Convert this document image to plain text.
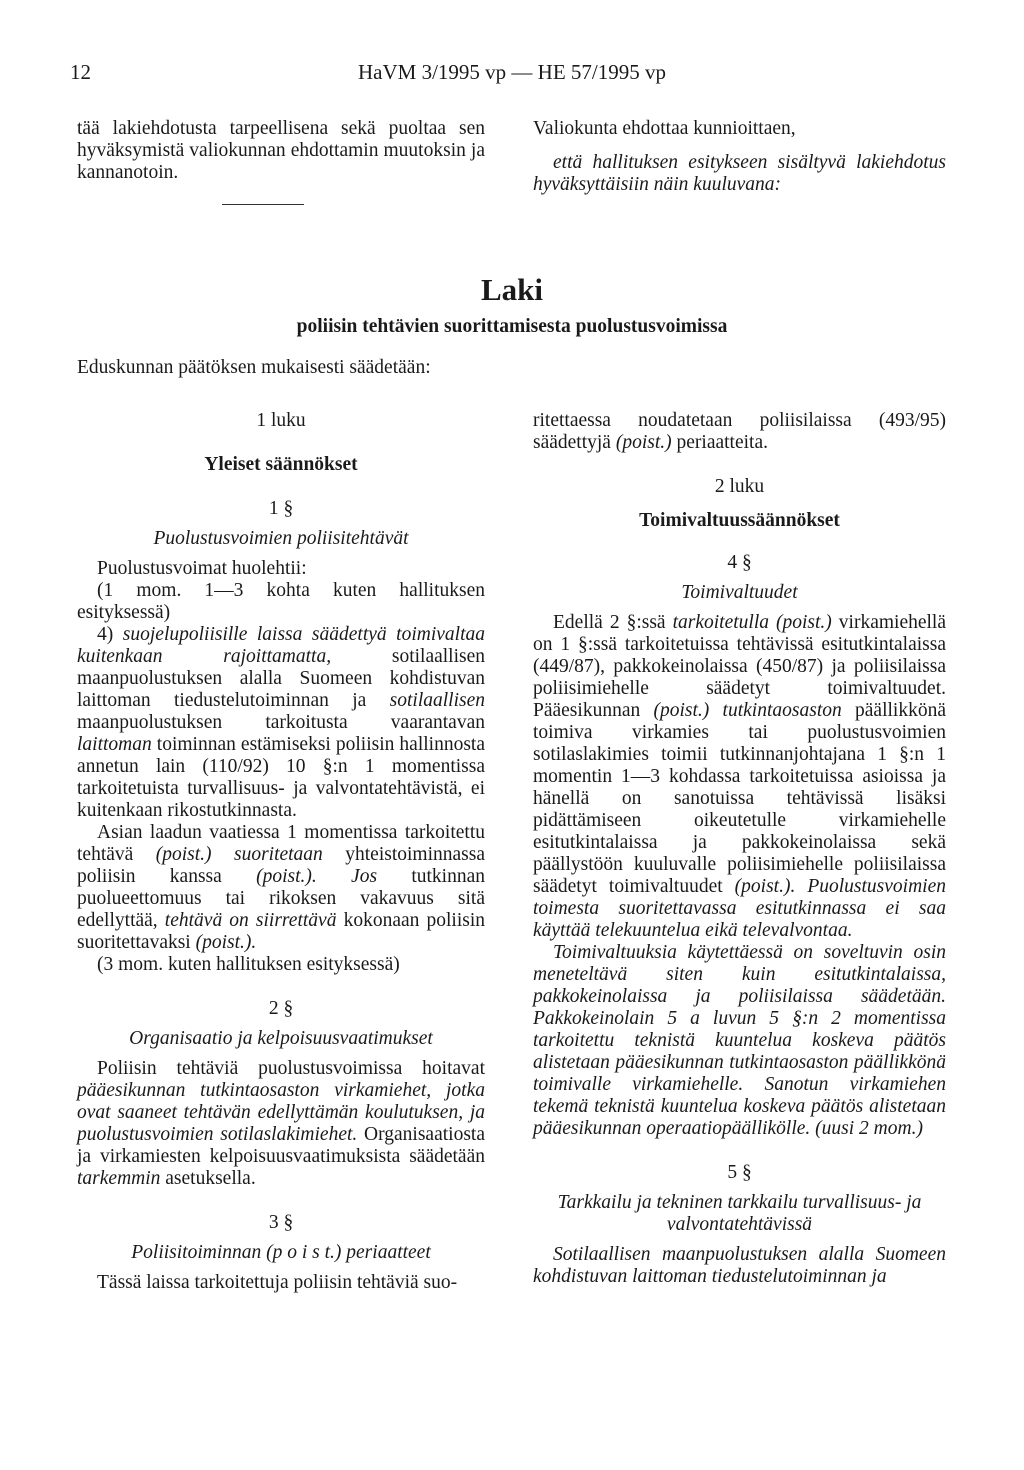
12	HaVM 3/1995 vp — HE 57/1995 vp

tää lakiehdotusta tarpeellisena sekä puoltaa sen hyväksymistä valiokunnan ehdottamin muutoksin ja kannanotoin.

Valiokunta ehdottaa kunnioittaen,

että hallituksen esitykseen sisältyvä lakiehdotus hyväksyttäisiin näin kuuluvana:

Laki
poliisin tehtävien suorittamisesta puolustusvoimissa
Eduskunnan päätöksen mukaisesti säädetään:

1 luku

Yleiset säännökset

1 §

Puolustusvoimien poliisitehtävät

Puolustusvoimat huolehtii:

(1 mom. 1—3 kohta kuten hallituksen esityksessä)

4) suojelupoliisille laissa säädettyä toimivaltaa kuitenkaan rajoittamatta, sotilaallisen maanpuolustuksen alalla Suomeen kohdistuvan laittoman tiedustelutoiminnan ja sotilaallisen maanpuolustuksen tarkoitusta vaarantavan laittoman toiminnan estämiseksi poliisin hallinnosta annetun lain (110/92) 10 §:n 1 momentissa tarkoitetuista turvallisuus- ja valvontatehtävistä, ei kuitenkaan rikostutkinnasta.

Asian laadun vaatiessa 1 momentissa tarkoitettu tehtävä (poist.) suoritetaan yhteistoiminnassa poliisin kanssa (poist.). Jos tutkinnan puolueettomuus tai rikoksen vakavuus sitä edellyttää, tehtävä on siirrettävä kokonaan poliisin suoritettavaksi (poist.).

(3 mom. kuten hallituksen esityksessä)

2 §

Organisaatio ja kelpoisuusvaatimukset

Poliisin tehtäviä puolustusvoimissa hoitavat pääesikunnan tutkintaosaston virkamiehet, jotka ovat saaneet tehtävän edellyttämän koulutuksen, ja puolustusvoimien sotilaslakimiehet. Organisaatiosta ja virkamiesten kelpoisuusvaatimuksista säädetään tarkemmin asetuksella.

3 §

Poliisitoiminnan (p o i s t.) periaatteet

Tässä laissa tarkoitettuja poliisin tehtäviä suo-

ritettaessa noudatetaan poliisilaissa (493/95) säädettyjä (poist.) periaatteita.

2 luku

Toimivaltuussäännökset

4 §

Toimivaltuudet

Edellä 2 §:ssä tarkoitetulla (poist.) virkamiehellä on 1 §:ssä tarkoitetuissa tehtävissä esitutkintalaissa (449/87), pakkokeinolaissa (450/87) ja poliisilaissa poliisimiehelle säädetyt toimivaltuudet. Pääesikunnan (poist.) tutkintaosaston päällikkönä toimiva virkamies tai puolustusvoimien sotilaslakimies toimii tutkinnanjohtajana 1 §:n 1 momentin 1—3 kohdassa tarkoitetuissa asioissa ja hänellä on sanotuissa tehtävissä lisäksi pidättämiseen oikeutetulle virkamiehelle esitutkintalaissa ja pakkokeinolaissa sekä päällystöön kuuluvalle poliisimiehelle poliisilaissa säädetyt toimivaltuudet (poist.). Puolustusvoimien toimesta suoritettavassa esitutkinnassa ei saa käyttää telekuuntelua eikä televalvontaa.

Toimivaltuuksia käytettäessä on soveltuvin osin meneteltävä siten kuin esitutkintalaissa, pakkokeinolaissa ja poliisilaissa säädetään. Pakkokeinolain 5 a luvun 5 §:n 2 momentissa tarkoitettu teknistä kuuntelua koskeva päätös alistetaan pääesikunnan tutkintaosaston päällikkönä toimivalle virkamiehelle. Sanotun virkamiehen tekemä teknistä kuuntelua koskeva päätös alistetaan pääesikunnan operaatiopäällikölle. (uusi 2 mom.)

5 §

Tarkkailu ja tekninen tarkkailu turvallisuus- ja valvontatehtävissä

Sotilaallisen maanpuolustuksen alalla Suomeen kohdistuvan laittoman tiedustelutoiminnan ja
